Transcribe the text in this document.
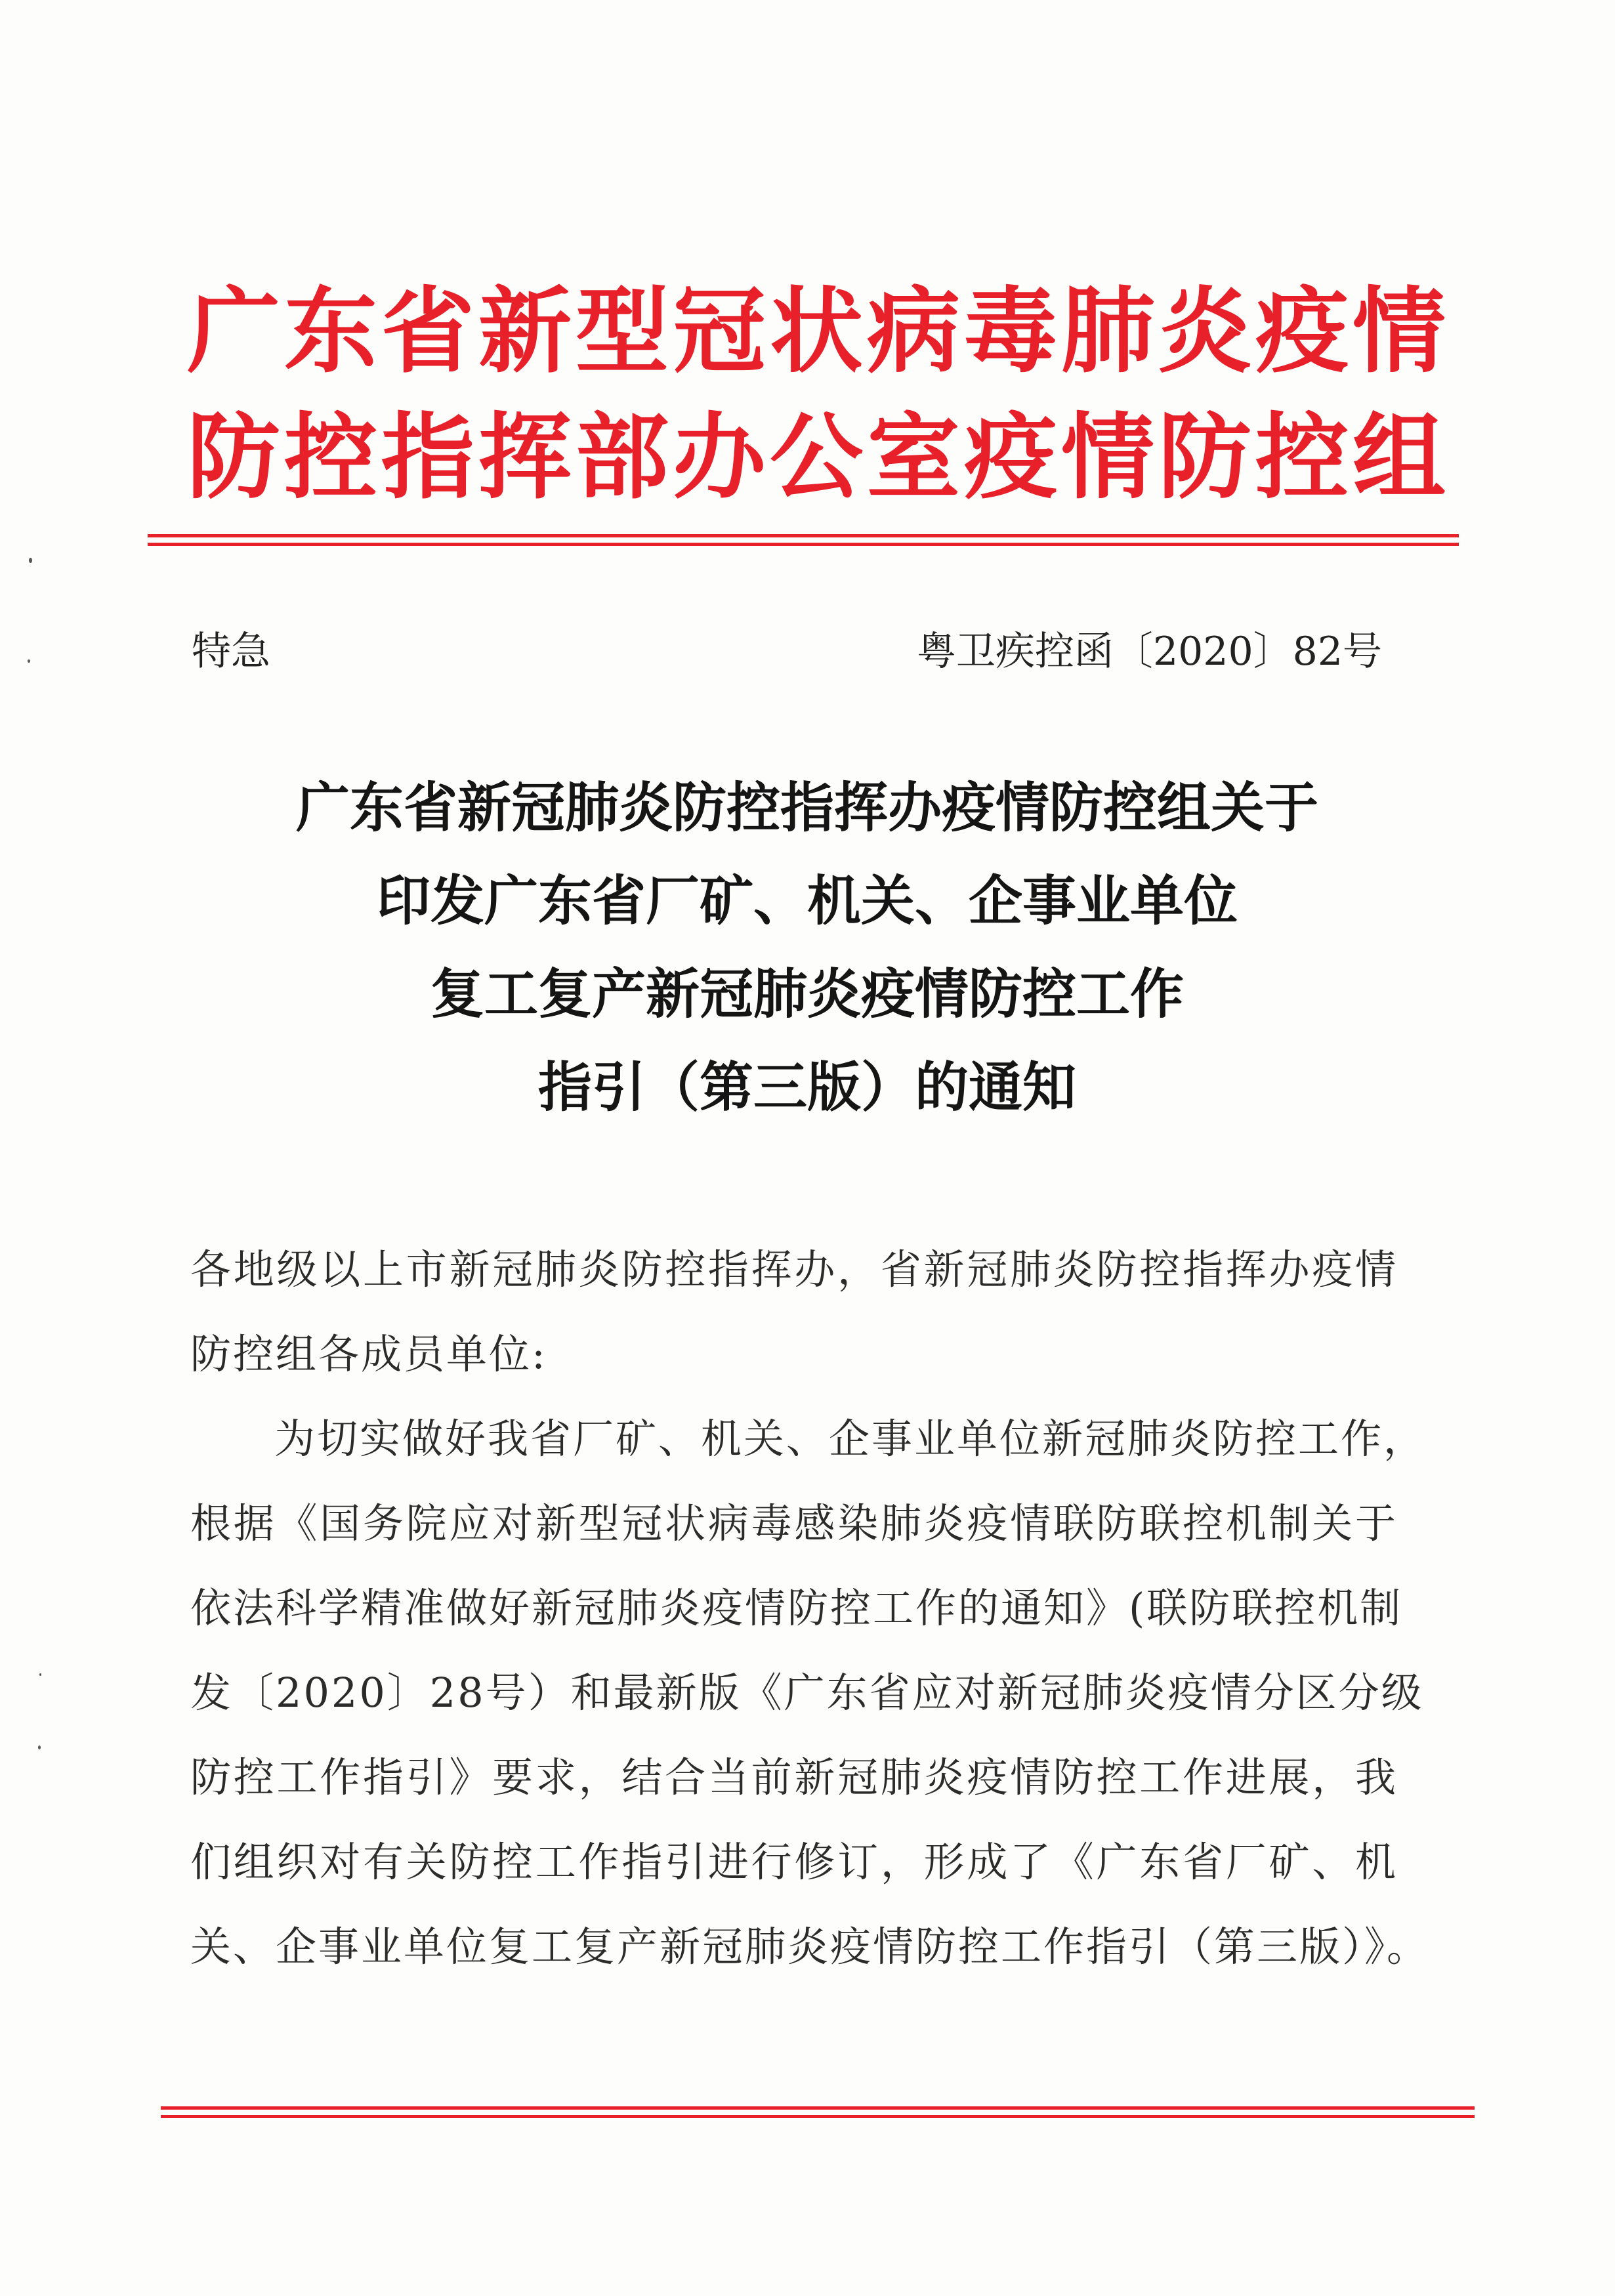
广东省新型冠状病毒肺炎疫情
防控指挥部办公室疫情防控组
特急	粤卫疾控函〔2020〕82号
广东省新冠肺炎防控指挥办疫情防控组关于
印发广东省厂矿、机关、企事业单位
复工复产新冠肺炎疫情防控工作
指引（第三版）的通知
各地级以上市新冠肺炎防控指挥办，省新冠肺炎防控指挥办疫情
防控组各成员单位:
为切实做好我省厂矿、机关、企事业单位新冠肺炎防控工作，
根据《国务院应对新型冠状病毒感染肺炎疫情联防联控机制关于
依法科学精准做好新冠肺炎疫情防控工作的通知》(联防联控机制
发〔2020〕28号）和最新版《广东省应对新冠肺炎疫情分区分级
防控工作指引》要求，结合当前新冠肺炎疫情防控工作进展，我
们组织对有关防控工作指引进行修订，形成了《广东省厂矿、机
关、企事业单位复工复产新冠肺炎疫情防控工作指引（第三版）》。
